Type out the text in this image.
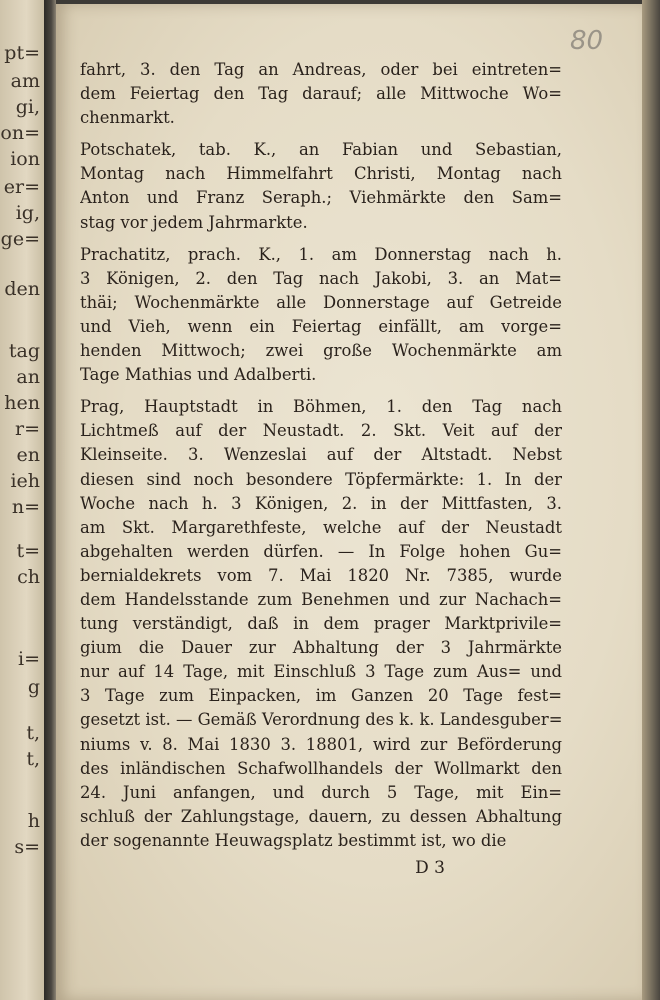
pt=
am
gi,
on=
ion
er=
ig,
ge=
den
tag
an
hen
r=
en
ieh
n=
t=
ch
i=
g
t,
t,
h
s=
80
fahrt, 3. den Tag an Andreas, oder bei eintreten=
dem Feiertag den Tag darauf; alle Mittwoche Wo=
chenmarkt.
Potschatek, tab. K., an Fabian und Sebastian,
Montag nach Himmelfahrt Christi, Montag nach
Anton und Franz Seraph.; Viehmärkte den Sam=
stag vor jedem Jahrmarkte.
Prachatitz, prach. K., 1. am Donnerstag nach h.
3 Königen, 2. den Tag nach Jakobi, 3. an Mat=
thäi; Wochenmärkte alle Donnerstage auf Getreide
und Vieh, wenn ein Feiertag einfällt, am vorge=
henden Mittwoch; zwei große Wochenmärkte am
Tage Mathias und Adalberti.
Prag, Hauptstadt in Böhmen, 1. den Tag nach
Lichtmeß auf der Neustadt. 2. Skt. Veit auf der
Kleinseite. 3. Wenzeslai auf der Altstadt. Nebst
diesen sind noch besondere Töpfermärkte: 1. In der
Woche nach h. 3 Königen, 2. in der Mittfasten, 3.
am Skt. Margarethfeste, welche auf der Neustadt
abgehalten werden dürfen. — In Folge hohen Gu=
bernialdekrets vom 7. Mai 1820 Nr. 7385, wurde
dem Handelsstande zum Benehmen und zur Nachach=
tung verständigt, daß in dem prager Marktprivile=
gium die Dauer zur Abhaltung der 3 Jahrmärkte
nur auf 14 Tage, mit Einschluß 3 Tage zum Aus= und
3 Tage zum Einpacken, im Ganzen 20 Tage fest=
gesetzt ist. — Gemäß Verordnung des k. k. Landesguber=
niums v. 8. Mai 1830 3. 18801, wird zur Beförderung
des inländischen Schafwollhandels der Wollmarkt den
24. Juni anfangen, und durch 5 Tage, mit Ein=
schluß der Zahlungstage, dauern, zu dessen Abhaltung
der sogenannte Heuwagsplatz bestimmt ist, wo die
D 3
